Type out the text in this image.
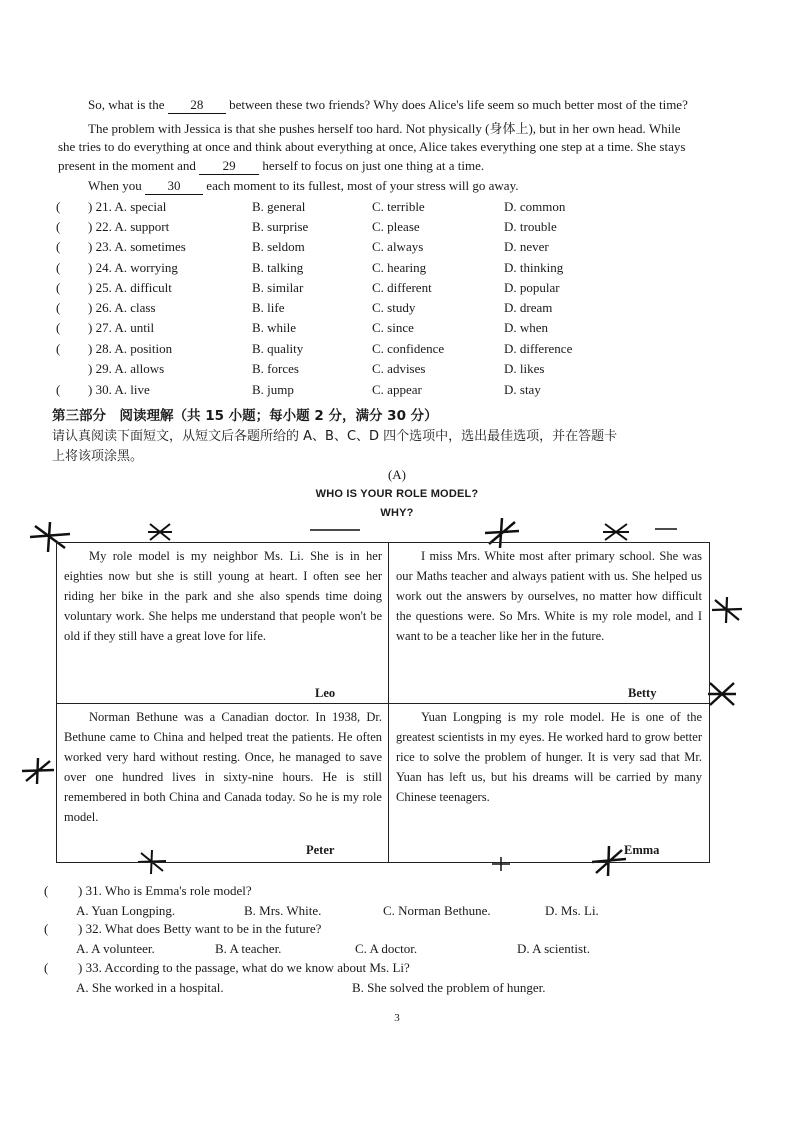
So, what is the 28 between these two friends? Why does Alice's life seem so much better most of the time?
The problem with Jessica is that she pushes herself too hard. Not physically (身体上), but in her own head. While
she tries to do everything at once and think about everything at once, Alice takes everything one step at a time. She stays
present in the moment and 29 herself to focus on just one thing at a time.
When you 30 each moment to its fullest, most of your stress will go away.
( ) 21. A. special	B. general	C. terrible	D. common
( ) 22. A. support	B. surprise	C. please	D. trouble
( ) 23. A. sometimes	B. seldom	C. always	D. never
( ) 24. A. worrying	B. talking	C. hearing	D. thinking
( ) 25. A. difficult	B. similar	C. different	D. popular
( ) 26. A. class	B. life	C. study	D. dream
( ) 27. A. until	B. while	C. since	D. when
( ) 28. A. position	B. quality	C. confidence	D. difference
) 29. A. allows	B. forces	C. advises	D. likes
( ) 30. A. live	B. jump	C. appear	D. stay
第三部分　阅读理解（共 15 小题；每小题 2 分，满分 30 分）
请认真阅读下面短文，从短文后各题所给的 A、B、C、D 四个选项中，选出最佳选项，并在答题卡
上将该项涂黑。
(A)
WHO IS YOUR ROLE MODEL?
WHY?
My role model is my neighbor Ms. Li. She is in her eighties now but she is still young at heart. I often see her riding her bike in the park and she also spends time doing voluntary work. She helps me understand that people won't be old if they still have a great love for life.
Leo
I miss Mrs. White most after primary school. She was our Maths teacher and always patient with us. She helped us work out the answers by ourselves, no matter how difficult the questions were. So Mrs. White is my role model, and I want to be a teacher like her in the future.
Betty
Norman Bethune was a Canadian doctor. In 1938, Dr. Bethune came to China and helped treat the patients. He often worked very hard without resting. Once, he managed to save over one hundred lives in sixty-nine hours. He is still remembered in both China and Canada today. So he is my role model.
Peter
Yuan Longping is my role model. He is one of the greatest scientists in my eyes. He worked hard to grow better rice to solve the problem of hunger. It is very sad that Mr. Yuan has left us, but his dreams will be carried by many Chinese teenagers.
Emma
( ) 31. Who is Emma's role model?
A. Yuan Longping.	B. Mrs. White.	C. Norman Bethune.	D. Ms. Li.
( ) 32. What does Betty want to be in the future?
A. A volunteer.	B. A teacher.	C. A doctor.	D. A scientist.
( ) 33. According to the passage, what do we know about Ms. Li?
A. She worked in a hospital.	B. She solved the problem of hunger.
3
